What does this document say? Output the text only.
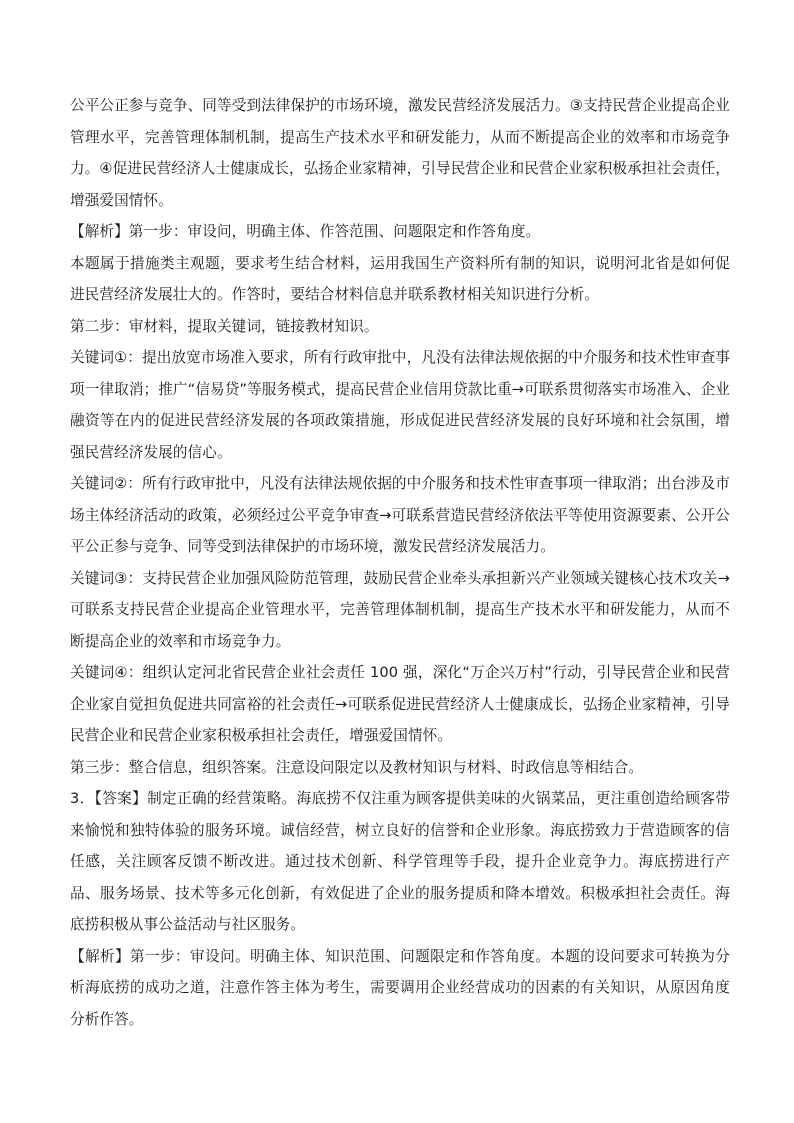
公平公正参与竞争、同等受到法律保护的市场环境，激发民营经济发展活力。③支持民营企业提高企业管理水平，完善管理体制机制，提高生产技术水平和研发能力，从而不断提高企业的效率和市场竞争力。④促进民营经济人士健康成长，弘扬企业家精神，引导民营企业和民营企业家积极承担社会责任，增强爱国情怀。

【解析】第一步：审设问，明确主体、作答范围、问题限定和作答角度。

本题属于措施类主观题，要求考生结合材料，运用我国生产资料所有制的知识，说明河北省是如何促进民营经济发展壮大的。作答时，要结合材料信息并联系教材相关知识进行分析。

第二步：审材料，提取关键词，链接教材知识。

关键词①：提出放宽市场准入要求，所有行政审批中，凡没有法律法规依据的中介服务和技术性审查事项一律取消；推广“信易贷”等服务模式，提高民营企业信用贷款比重→可联系贯彻落实市场准入、企业融资等在内的促进民营经济发展的各项政策措施，形成促进民营经济发展的良好环境和社会氛围，增强民营经济发展的信心。

关键词②：所有行政审批中，凡没有法律法规依据的中介服务和技术性审查事项一律取消；出台涉及市场主体经济活动的政策，必须经过公平竞争审查→可联系营造民营经济依法平等使用资源要素、公开公平公正参与竞争、同等受到法律保护的市场环境，激发民营经济发展活力。

关键词③：支持民营企业加强风险防范管理，鼓励民营企业牵头承担新兴产业领域关键核心技术攻关→可联系支持民营企业提高企业管理水平，完善管理体制机制，提高生产技术水平和研发能力，从而不断提高企业的效率和市场竞争力。

关键词④：组织认定河北省民营企业社会责任 100 强，深化“万企兴万村”行动，引导民营企业和民营企业家自觉担负促进共同富裕的社会责任→可联系促进民营经济人士健康成长，弘扬企业家精神，引导民营企业和民营企业家积极承担社会责任，增强爱国情怀。

第三步：整合信息，组织答案。注意设问限定以及教材知识与材料、时政信息等相结合。

3．【答案】制定正确的经营策略。海底捞不仅注重为顾客提供美味的火锅菜品，更注重创造给顾客带来愉悦和独特体验的服务环境。诚信经营，树立良好的信誉和企业形象。海底捞致力于营造顾客的信任感，关注顾客反馈不断改进。通过技术创新、科学管理等手段，提升企业竞争力。海底捞进行产品、服务场景、技术等多元化创新，有效促进了企业的服务提质和降本增效。积极承担社会责任。海底捞积极从事公益活动与社区服务。

【解析】第一步：审设问。明确主体、知识范围、问题限定和作答角度。本题的设问要求可转换为分析海底捞的成功之道，注意作答主体为考生，需要调用企业经营成功的因素的有关知识，从原因角度分析作答。
